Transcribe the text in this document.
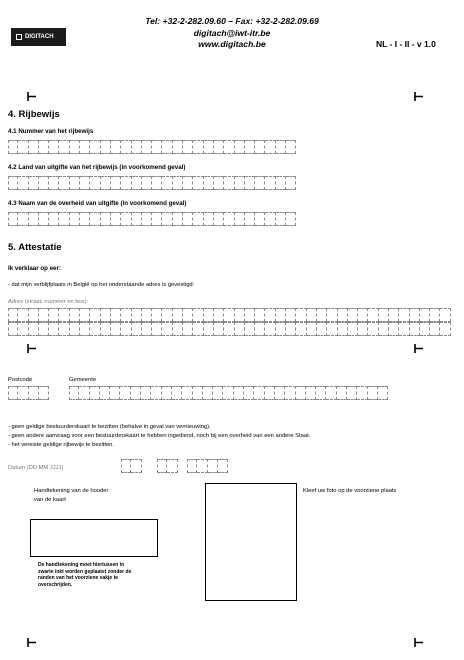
DIGITACH
Tel: +32-2-282.09.60 – Fax: +32-2-282.09.69
digitach@iwt-itr.be
www.digitach.be	NL - I - II - v 1.0
4. Rijbewijs
4.1 Nummer van het rijbewijs
4.2 Land van uitgifte van het rijbewijs (in voorkomend geval)
4.3 Naam van de overheid van uitgifte (in voorkomend geval)
5. Attestatie
Ik verklaar op eer:
- dat mijn verblijfplaats in België op het onderstaande adres is gevestigd:
Adres (straat, nummer en bus):
Postcode	Gemeente
- geen geldige bestuurderskaart te bezitten (behalve in geval van vernieuwing).
- geen andere aanvraag voor een bestuurderskaart te hebben ingediend, noch bij een overheid van een andere Staat.
- het vereiste geldige rijbewijs te bezitten.
Datum (DD MM JJJJ)
Handtekening van de houder
van de kaart
De handtekening moet hiertussen in
zwarte inkt worden geplaatst zonder de
randen van het voorziene vakje te
overschrijden.
Kleef uw foto op de voorziene plaats
